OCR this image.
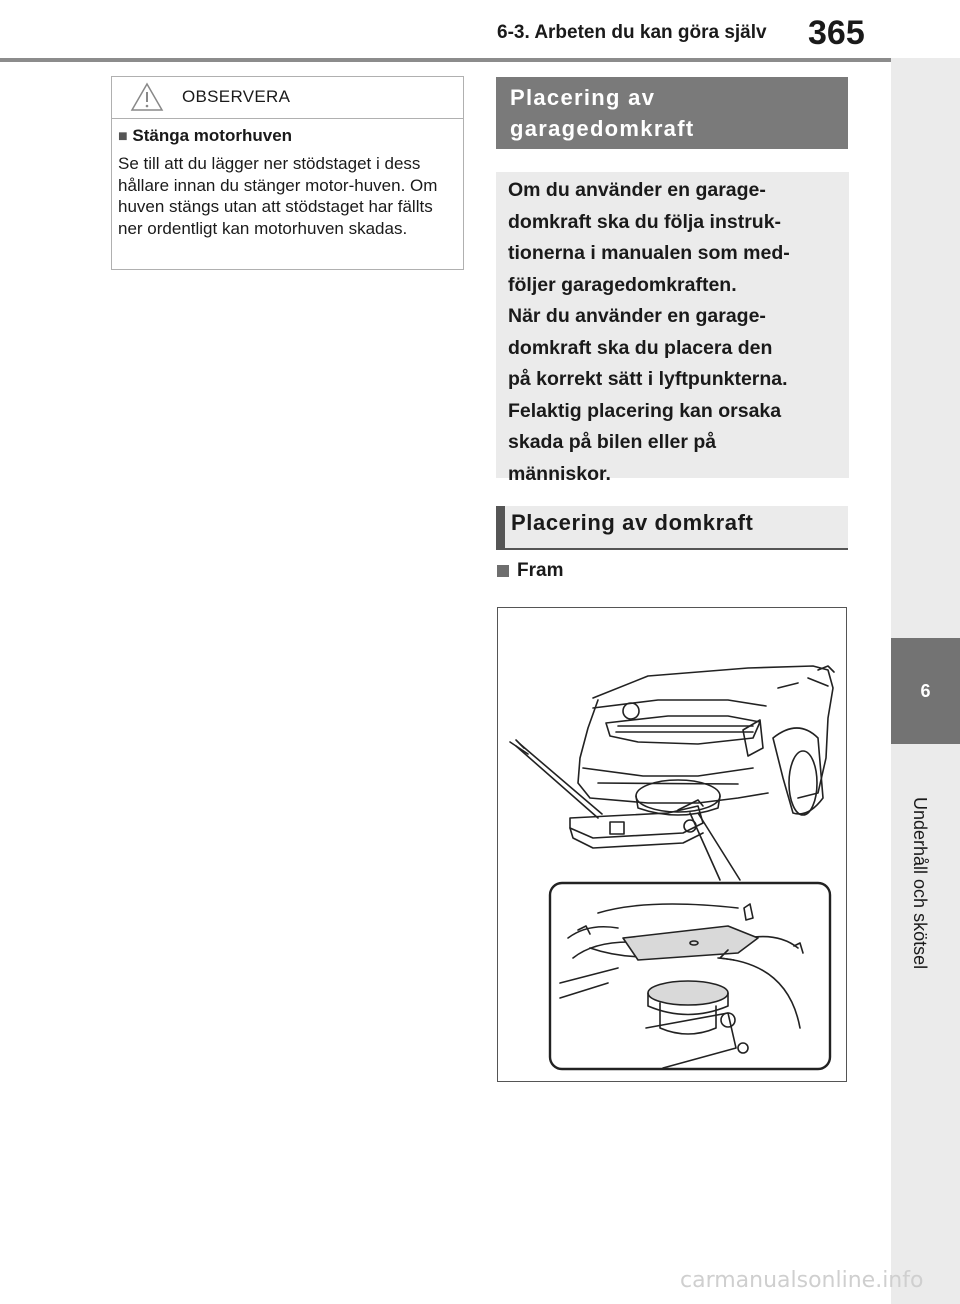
6-3. Arbeten du kan göra själv	365
6
Underhåll och skötsel
OBSERVERA
■ Stänga motorhuven
Se till att du lägger ner stödstaget i dess hållare innan du stänger motor-huven. Om huven stängs utan att stödstaget har fällts ner ordentligt kan motorhuven skadas.
Placering av
garagedomkraft
Om du använder en garage-
domkraft ska du följa instruk-
tionerna i manualen som med-
följer garagedomkraften.
När du använder en garage-
domkraft ska du placera den
på korrekt sätt i lyftpunkterna.
Felaktig placering kan orsaka
skada på bilen eller på
människor.
Placering av domkraft
Fram
carmanualsonline.info
